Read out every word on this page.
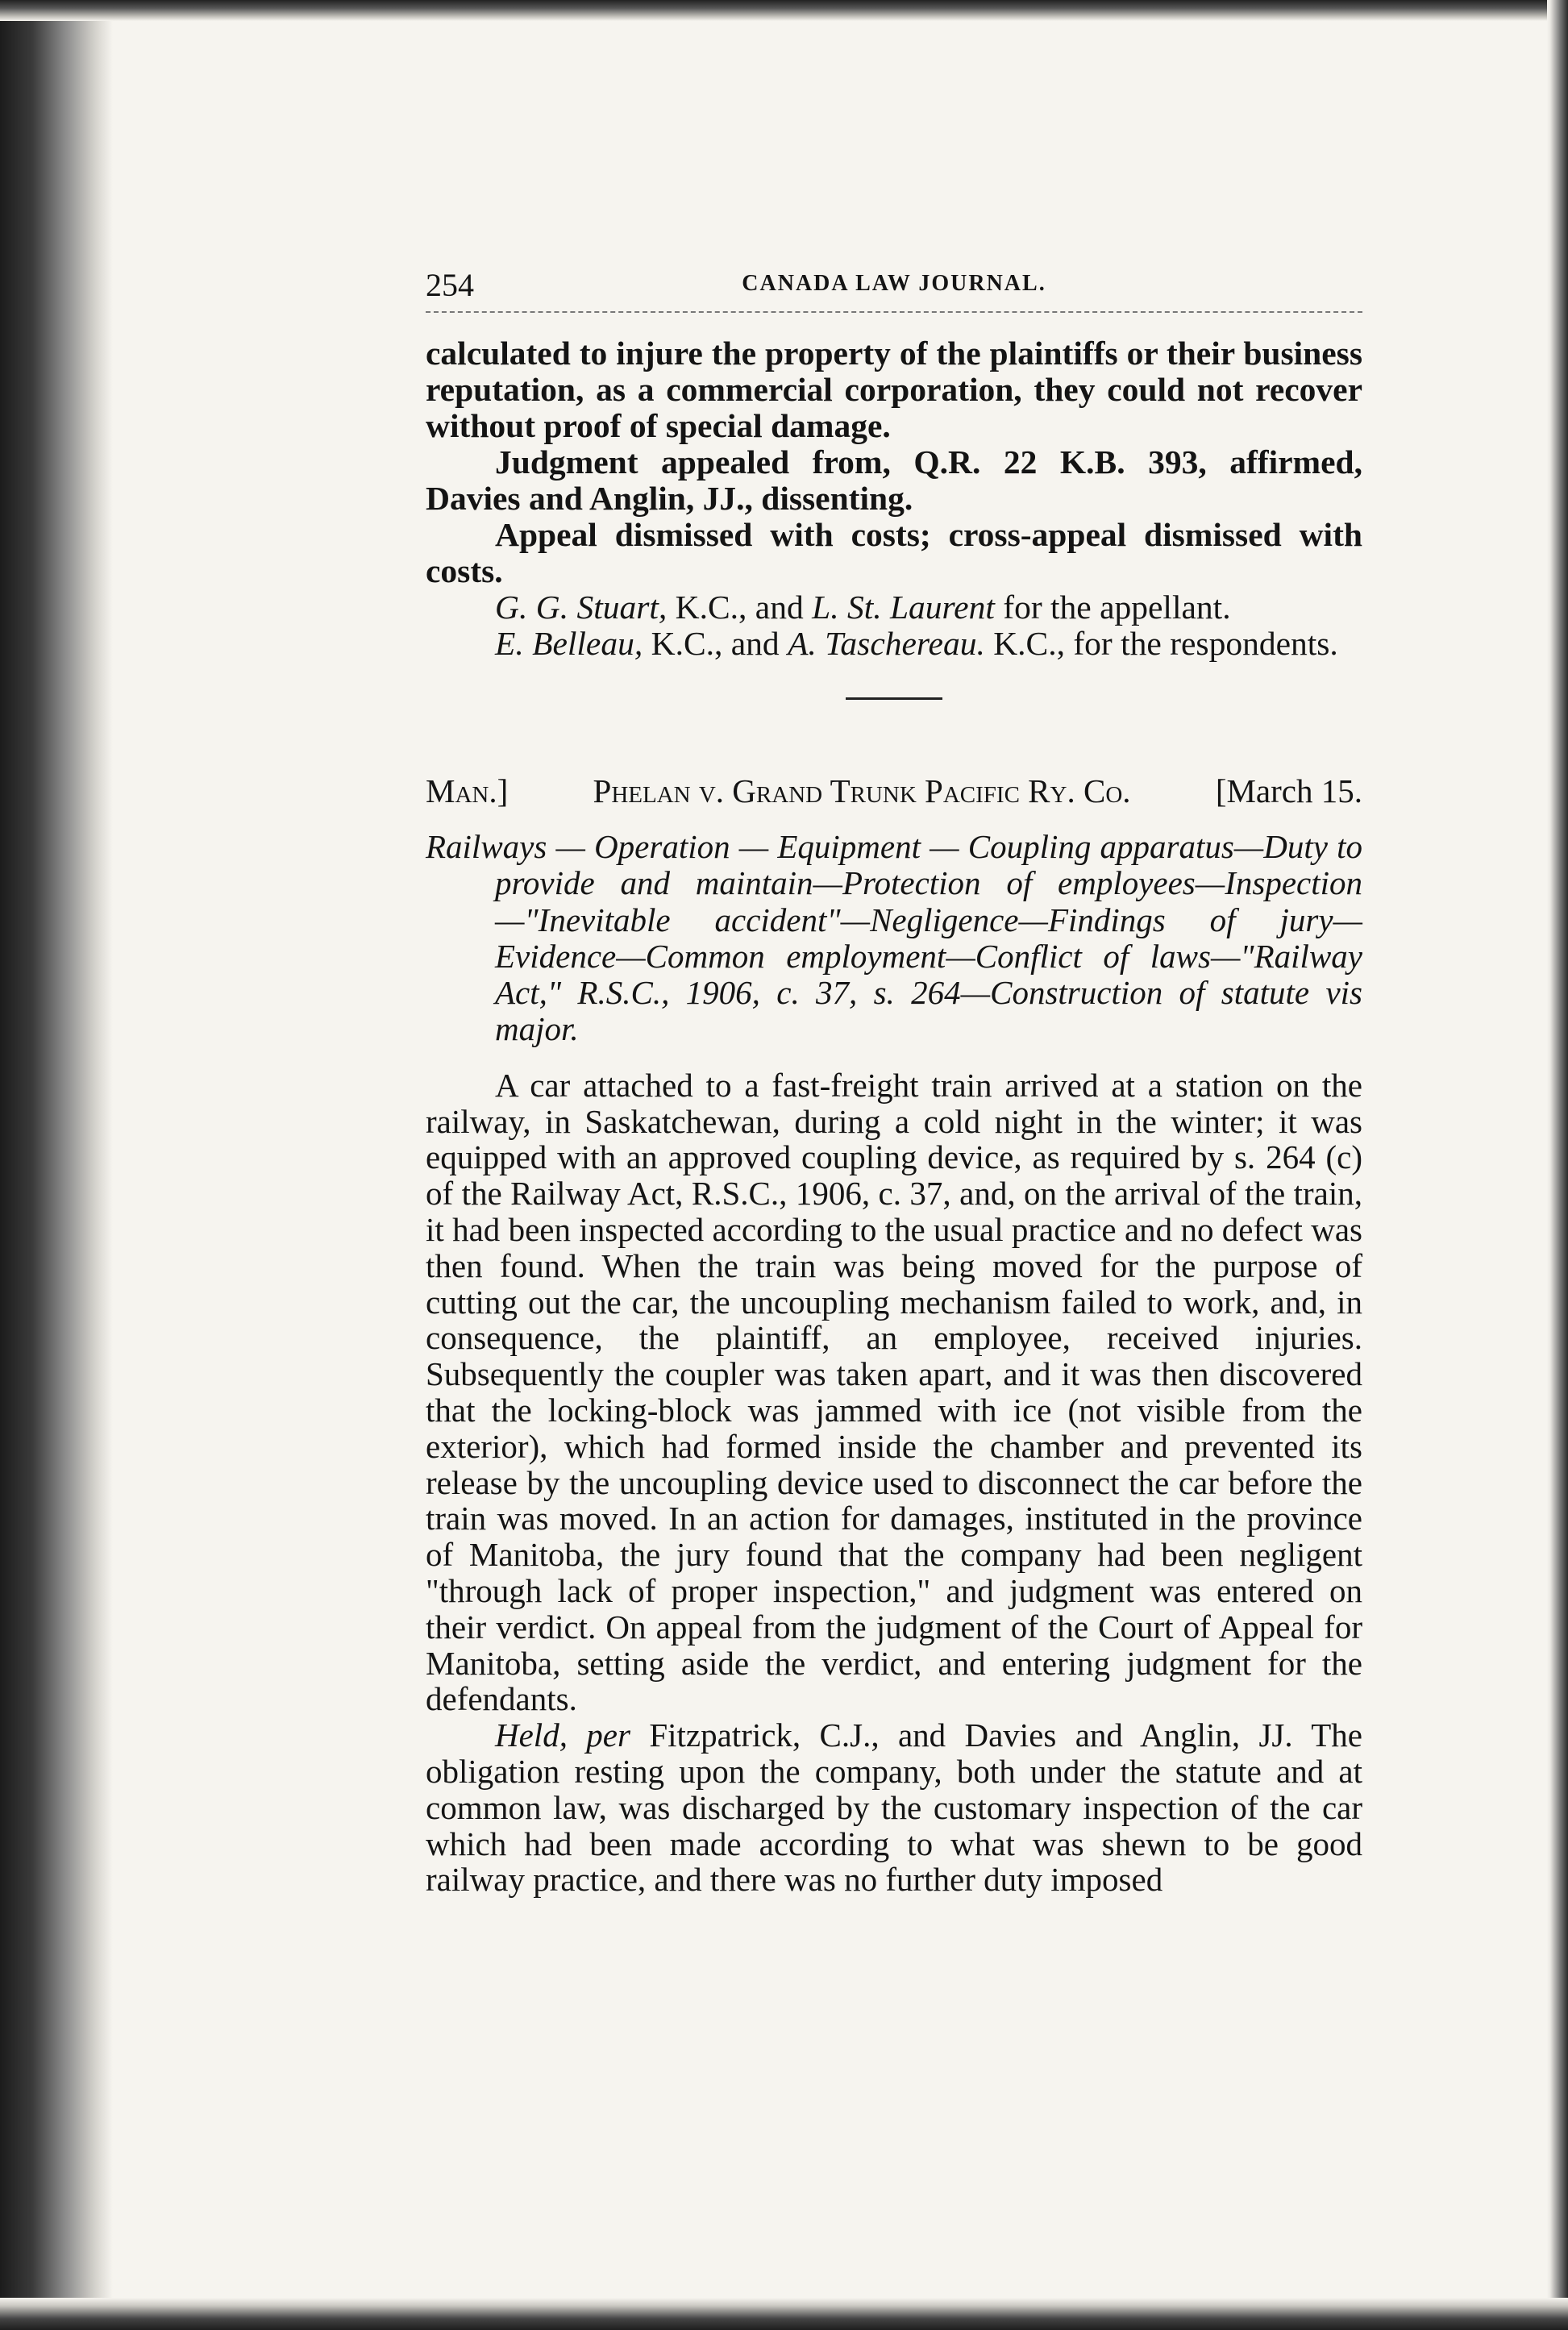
254	CANADA LAW JOURNAL.

calculated to injure the property of the plaintiffs or their business reputation, as a commercial corporation, they could not recover without proof of special damage.

Judgment appealed from, Q.R. 22 K.B. 393, affirmed, Davies and Anglin, JJ., dissenting.

Appeal dismissed with costs; cross-appeal dismissed with costs.

G. G. Stuart, K.C., and L. St. Laurent for the appellant.

E. Belleau, K.C., and A. Taschereau. K.C., for the respondents.

Man.]	Phelan v. Grand Trunk Pacific Ry. Co.	[March 15.
Railways — Operation — Equipment — Coupling apparatus—Duty to provide and maintain—Protection of employees—Inspection —"Inevitable accident"—Negligence—Findings of jury—Evidence—Common employment—Conflict of laws—"Railway Act," R.S.C., 1906, c. 37, s. 264—Construction of statute vis major.

A car attached to a fast-freight train arrived at a station on the railway, in Saskatchewan, during a cold night in the winter; it was equipped with an approved coupling device, as required by s. 264 (c) of the Railway Act, R.S.C., 1906, c. 37, and, on the arrival of the train, it had been inspected according to the usual practice and no defect was then found. When the train was being moved for the purpose of cutting out the car, the uncoupling mechanism failed to work, and, in consequence, the plaintiff, an employee, received injuries. Subsequently the coupler was taken apart, and it was then discovered that the locking-block was jammed with ice (not visible from the exterior), which had formed inside the chamber and prevented its release by the uncoupling device used to disconnect the car before the train was moved. In an action for damages, instituted in the province of Manitoba, the jury found that the company had been negligent "through lack of proper inspection," and judgment was entered on their verdict. On appeal from the judgment of the Court of Appeal for Manitoba, setting aside the verdict, and entering judgment for the defendants.

Held, per Fitzpatrick, C.J., and Davies and Anglin, JJ. The obligation resting upon the company, both under the statute and at common law, was discharged by the customary inspection of the car which had been made according to what was shewn to be good railway practice, and there was no further duty imposed
